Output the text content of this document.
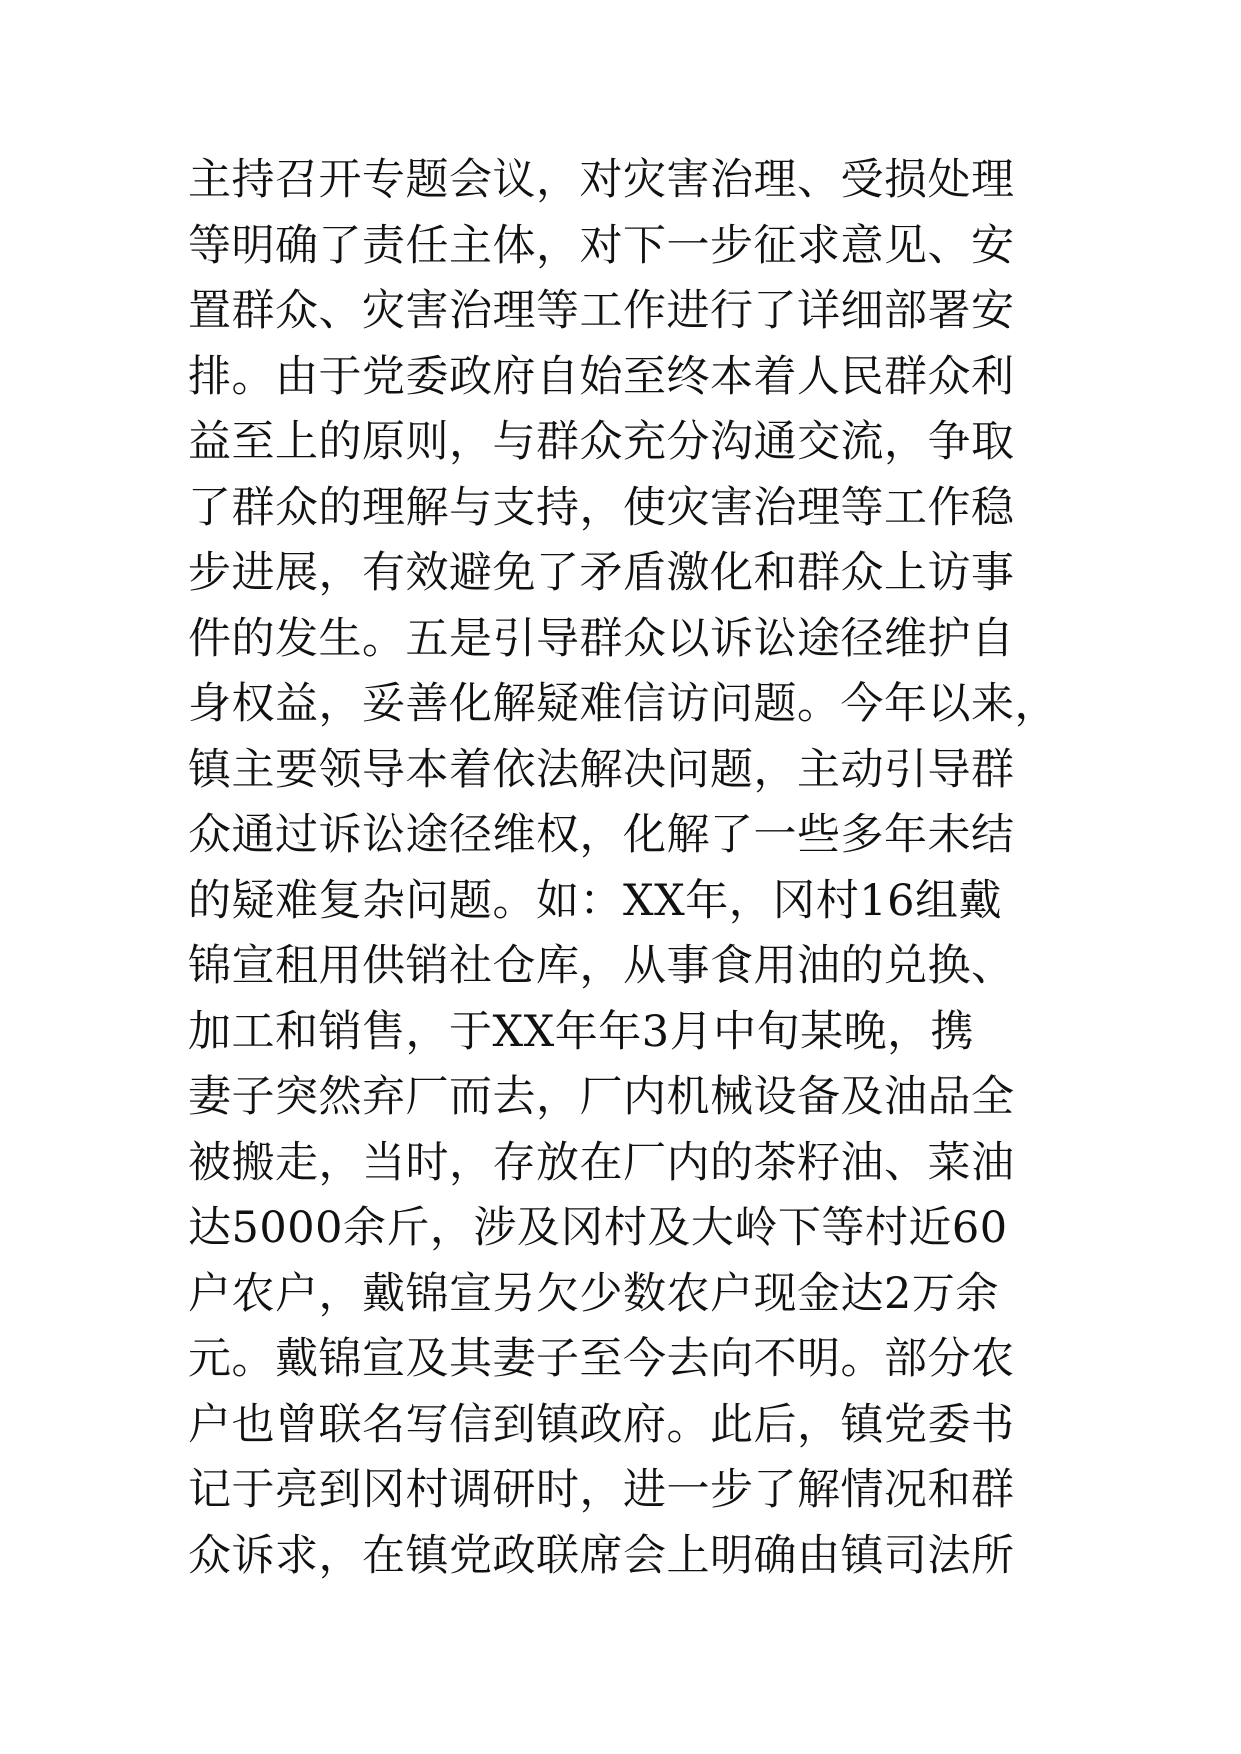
主持召开专题会议，对灾害治理、受损处理
等明确了责任主体，对下一步征求意见、安
置群众、灾害治理等工作进行了详细部署安
排。由于党委政府自始至终本着人民群众利
益至上的原则，与群众充分沟通交流，争取
了群众的理解与支持，使灾害治理等工作稳
步进展，有效避免了矛盾激化和群众上访事
件的发生。五是引导群众以诉讼途径维护自
身权益，妥善化解疑难信访问题。今年以来，
镇主要领导本着依法解决问题，主动引导群
众通过诉讼途径维权，化解了一些多年未结
的疑难复杂问题。如：XX年，冈村16组戴
锦宣租用供销社仓库，从事食用油的兑换、
加工和销售，于XX年年3月中旬某晚，携
妻子突然弃厂而去，厂内机械设备及油品全
被搬走，当时，存放在厂内的茶籽油、菜油
达5000余斤，涉及冈村及大岭下等村近60
户农户，戴锦宣另欠少数农户现金达2万余
元。戴锦宣及其妻子至今去向不明。部分农
户也曾联名写信到镇政府。此后，镇党委书
记于亮到冈村调研时，进一步了解情况和群
众诉求，在镇党政联席会上明确由镇司法所
